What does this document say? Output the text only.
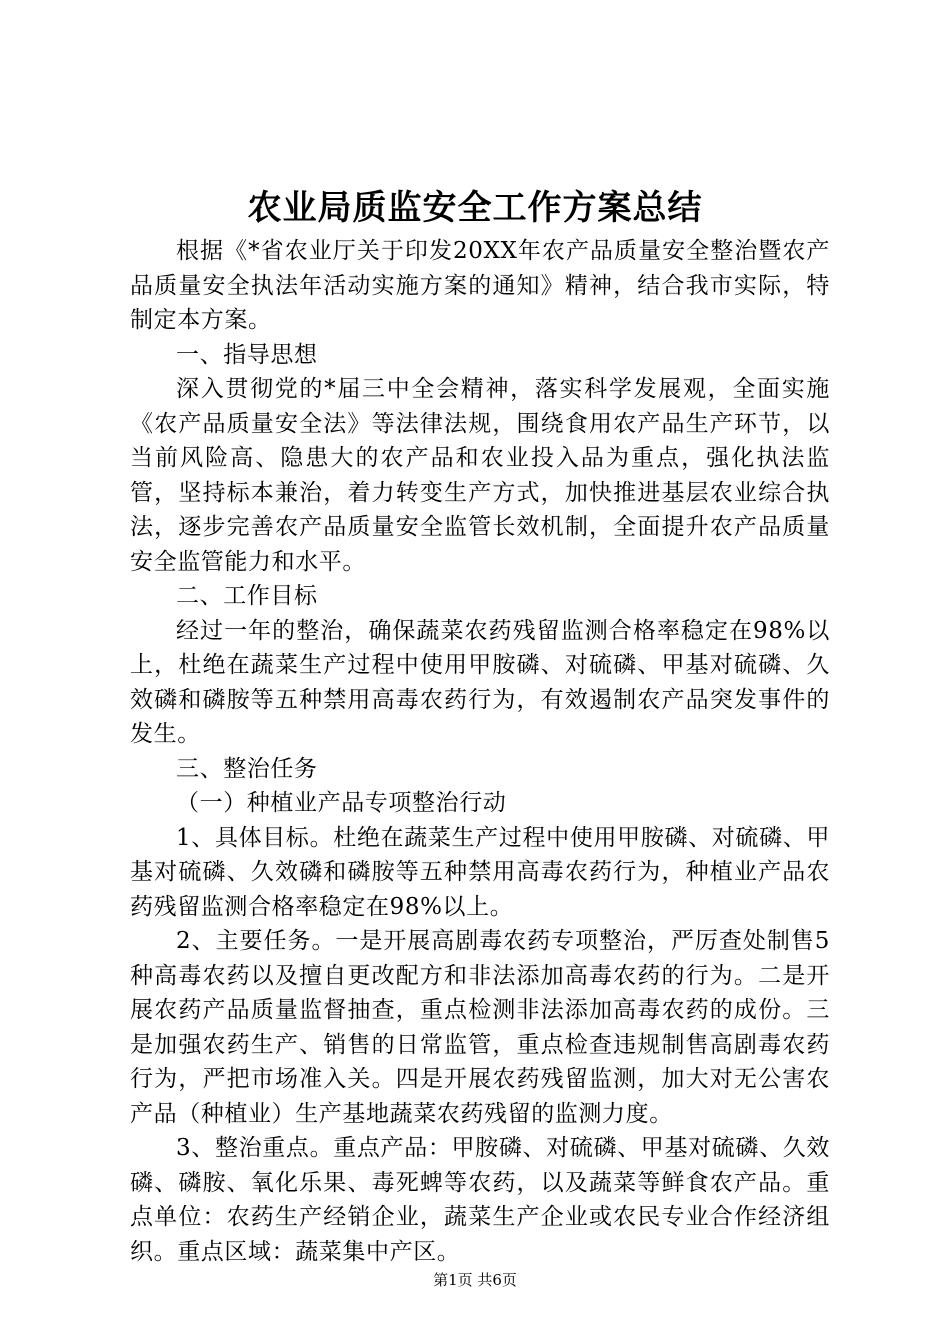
农业局质监安全工作方案总结

根据《*省农业厅关于印发20XX年农产品质量安全整治暨农产品质量安全执法年活动实施方案的通知》精神，结合我市实际，特制定本方案。

一、指导思想

深入贯彻党的*届三中全会精神，落实科学发展观，全面实施《农产品质量安全法》等法律法规，围绕食用农产品生产环节，以当前风险高、隐患大的农产品和农业投入品为重点，强化执法监管，坚持标本兼治，着力转变生产方式，加快推进基层农业综合执法，逐步完善农产品质量安全监管长效机制，全面提升农产品质量安全监管能力和水平。

二、工作目标

经过一年的整治，确保蔬菜农药残留监测合格率稳定在98%以上，杜绝在蔬菜生产过程中使用甲胺磷、对硫磷、甲基对硫磷、久效磷和磷胺等五种禁用高毒农药行为，有效遏制农产品突发事件的发生。

三、整治任务

（一）种植业产品专项整治行动

1、具体目标。杜绝在蔬菜生产过程中使用甲胺磷、对硫磷、甲基对硫磷、久效磷和磷胺等五种禁用高毒农药行为，种植业产品农药残留监测合格率稳定在98%以上。

2、主要任务。一是开展高剧毒农药专项整治，严厉查处制售5种高毒农药以及擅自更改配方和非法添加高毒农药的行为。二是开展农药产品质量监督抽查，重点检测非法添加高毒农药的成份。三是加强农药生产、销售的日常监管，重点检查违规制售高剧毒农药行为，严把市场准入关。四是开展农药残留监测，加大对无公害农产品（种植业）生产基地蔬菜农药残留的监测力度。

3、整治重点。重点产品：甲胺磷、对硫磷、甲基对硫磷、久效磷、磷胺、氧化乐果、毒死蜱等农药，以及蔬菜等鲜食农产品。重点单位：农药生产经销企业，蔬菜生产企业或农民专业合作经济组织。重点区域：蔬菜集中产区。

第1页 共6页
